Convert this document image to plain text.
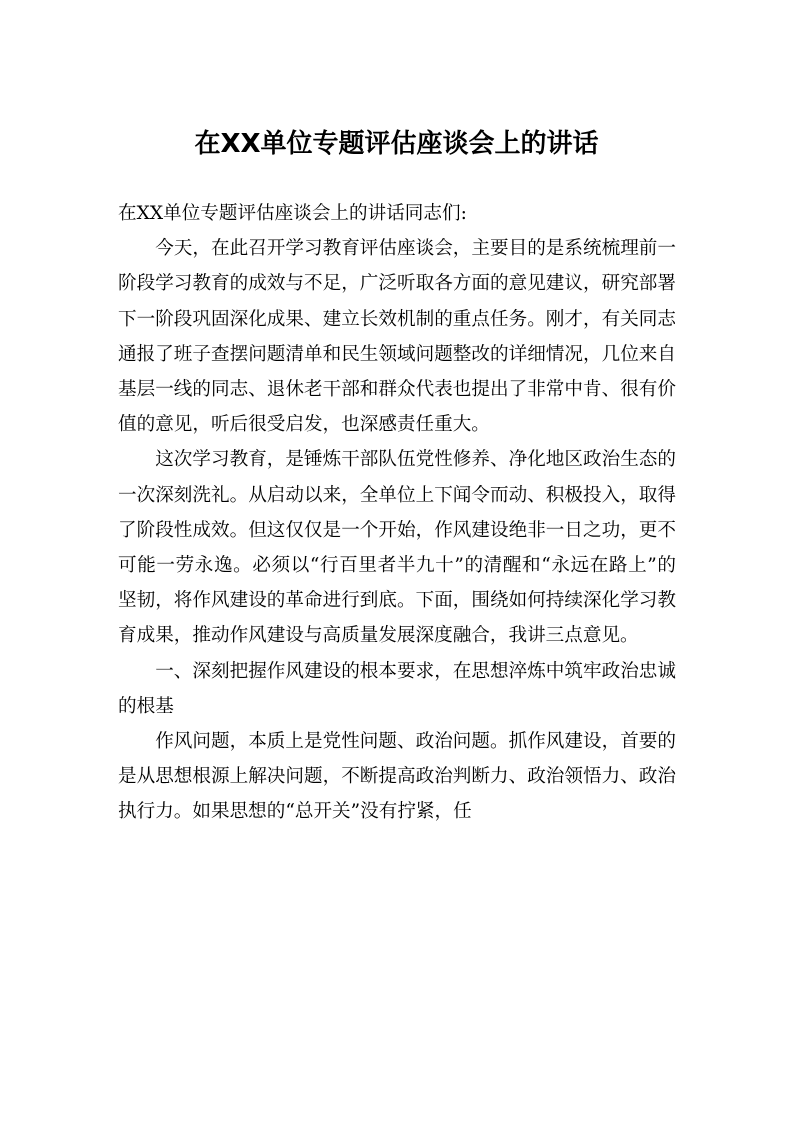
在XX单位专题评估座谈会上的讲话

在XX单位专题评估座谈会上的讲话同志们:

今天，在此召开学习教育评估座谈会，主要目的是系统梳理前一阶段学习教育的成效与不足，广泛听取各方面的意见建议，研究部署下一阶段巩固深化成果、建立长效机制的重点任务。刚才，有关同志通报了班子查摆问题清单和民生领域问题整改的详细情况，几位来自基层一线的同志、退休老干部和群众代表也提出了非常中肯、很有价值的意见，听后很受启发，也深感责任重大。

这次学习教育，是锤炼干部队伍党性修养、净化地区政治生态的一次深刻洗礼。从启动以来，全单位上下闻令而动、积极投入，取得了阶段性成效。但这仅仅是一个开始，作风建设绝非一日之功，更不可能一劳永逸。必须以“行百里者半九十”的清醒和“永远在路上”的坚韧，将作风建设的革命进行到底。下面，围绕如何持续深化学习教育成果，推动作风建设与高质量发展深度融合，我讲三点意见。

一、深刻把握作风建设的根本要求，在思想淬炼中筑牢政治忠诚的根基

作风问题，本质上是党性问题、政治问题。抓作风建设，首要的是从思想根源上解决问题，不断提高政治判断力、政治领悟力、政治执行力。如果思想的“总开关”没有拧紧，任
